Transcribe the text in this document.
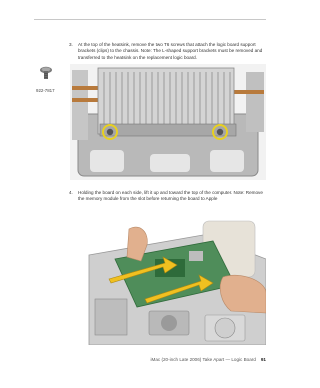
3. At the top of the heatsink, remove the two T6 screws that attach the logic board support
brackets (clips) to the chassis. Note: The L-shaped support brackets must be removed and
transferred to the heatsink on the replacement logic board.
922-7817
4. Holding the board on each side, lift it up and toward the top of the computer. Note: Remove
the memory module from the slot before returning the board to Apple
iMac (20-inch Late 2006) Take Apart — Logic Board 91
